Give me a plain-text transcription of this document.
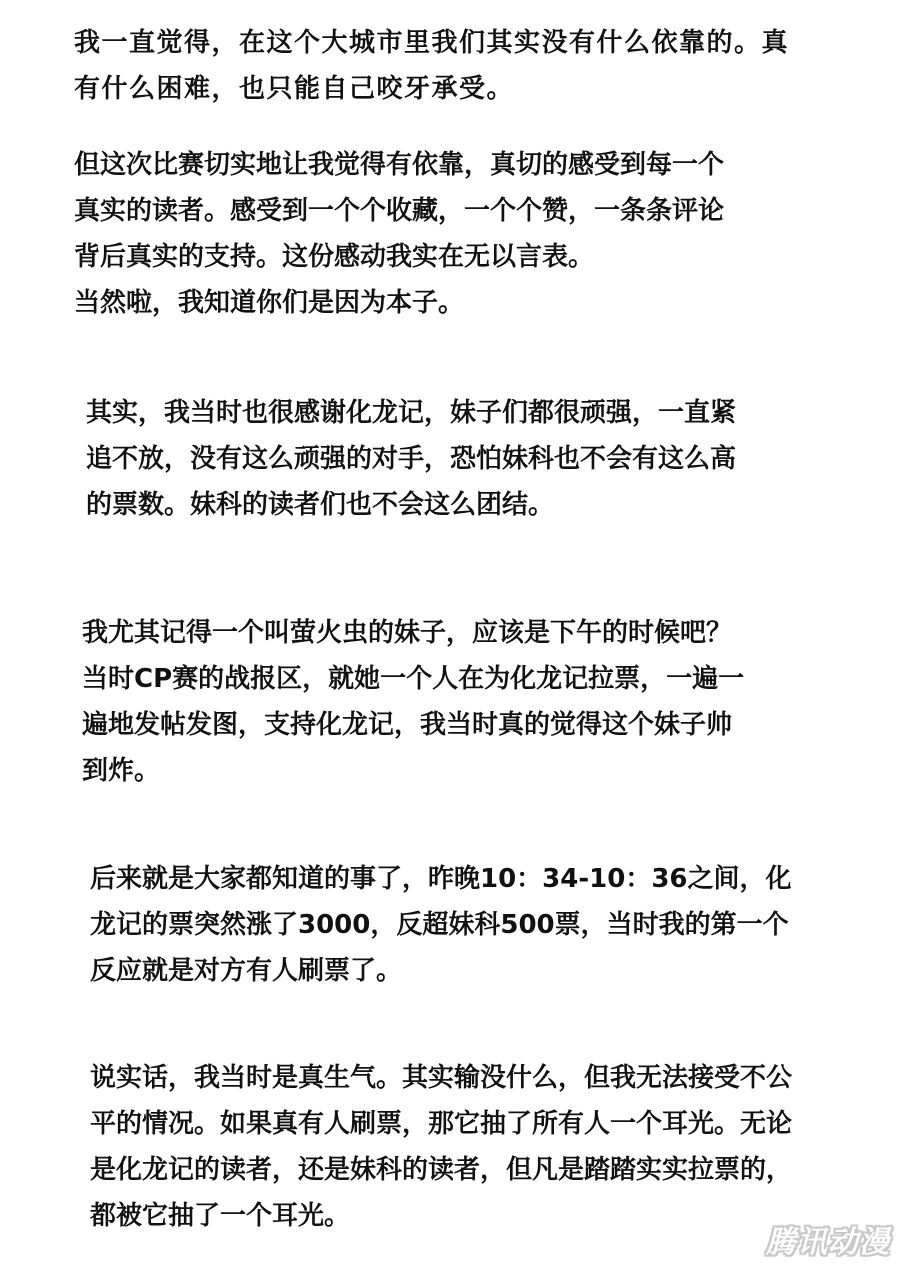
我一直觉得，在这个大城市里我们其实没有什么依靠的。真
有什么困难，也只能自己咬牙承受。
但这次比赛切实地让我觉得有依靠，真切的感受到每一个
真实的读者。感受到一个个收藏，一个个赞，一条条评论
背后真实的支持。这份感动我实在无以言表。
当然啦，我知道你们是因为本子。
其实，我当时也很感谢化龙记，妹子们都很顽强，一直紧
追不放，没有这么顽强的对手，恐怕妹科也不会有这么高
的票数。妹科的读者们也不会这么团结。
我尤其记得一个叫萤火虫的妹子，应该是下午的时候吧？
当时CP赛的战报区，就她一个人在为化龙记拉票，一遍一
遍地发帖发图，支持化龙记，我当时真的觉得这个妹子帅
到炸。
后来就是大家都知道的事了，昨晚10：34-10：36之间，化
龙记的票突然涨了3000，反超妹科500票，当时我的第一个
反应就是对方有人刷票了。
说实话，我当时是真生气。其实输没什么，但我无法接受不公
平的情况。如果真有人刷票，那它抽了所有人一个耳光。无论
是化龙记的读者，还是妹科的读者，但凡是踏踏实实拉票的，
都被它抽了一个耳光。
腾讯动漫
